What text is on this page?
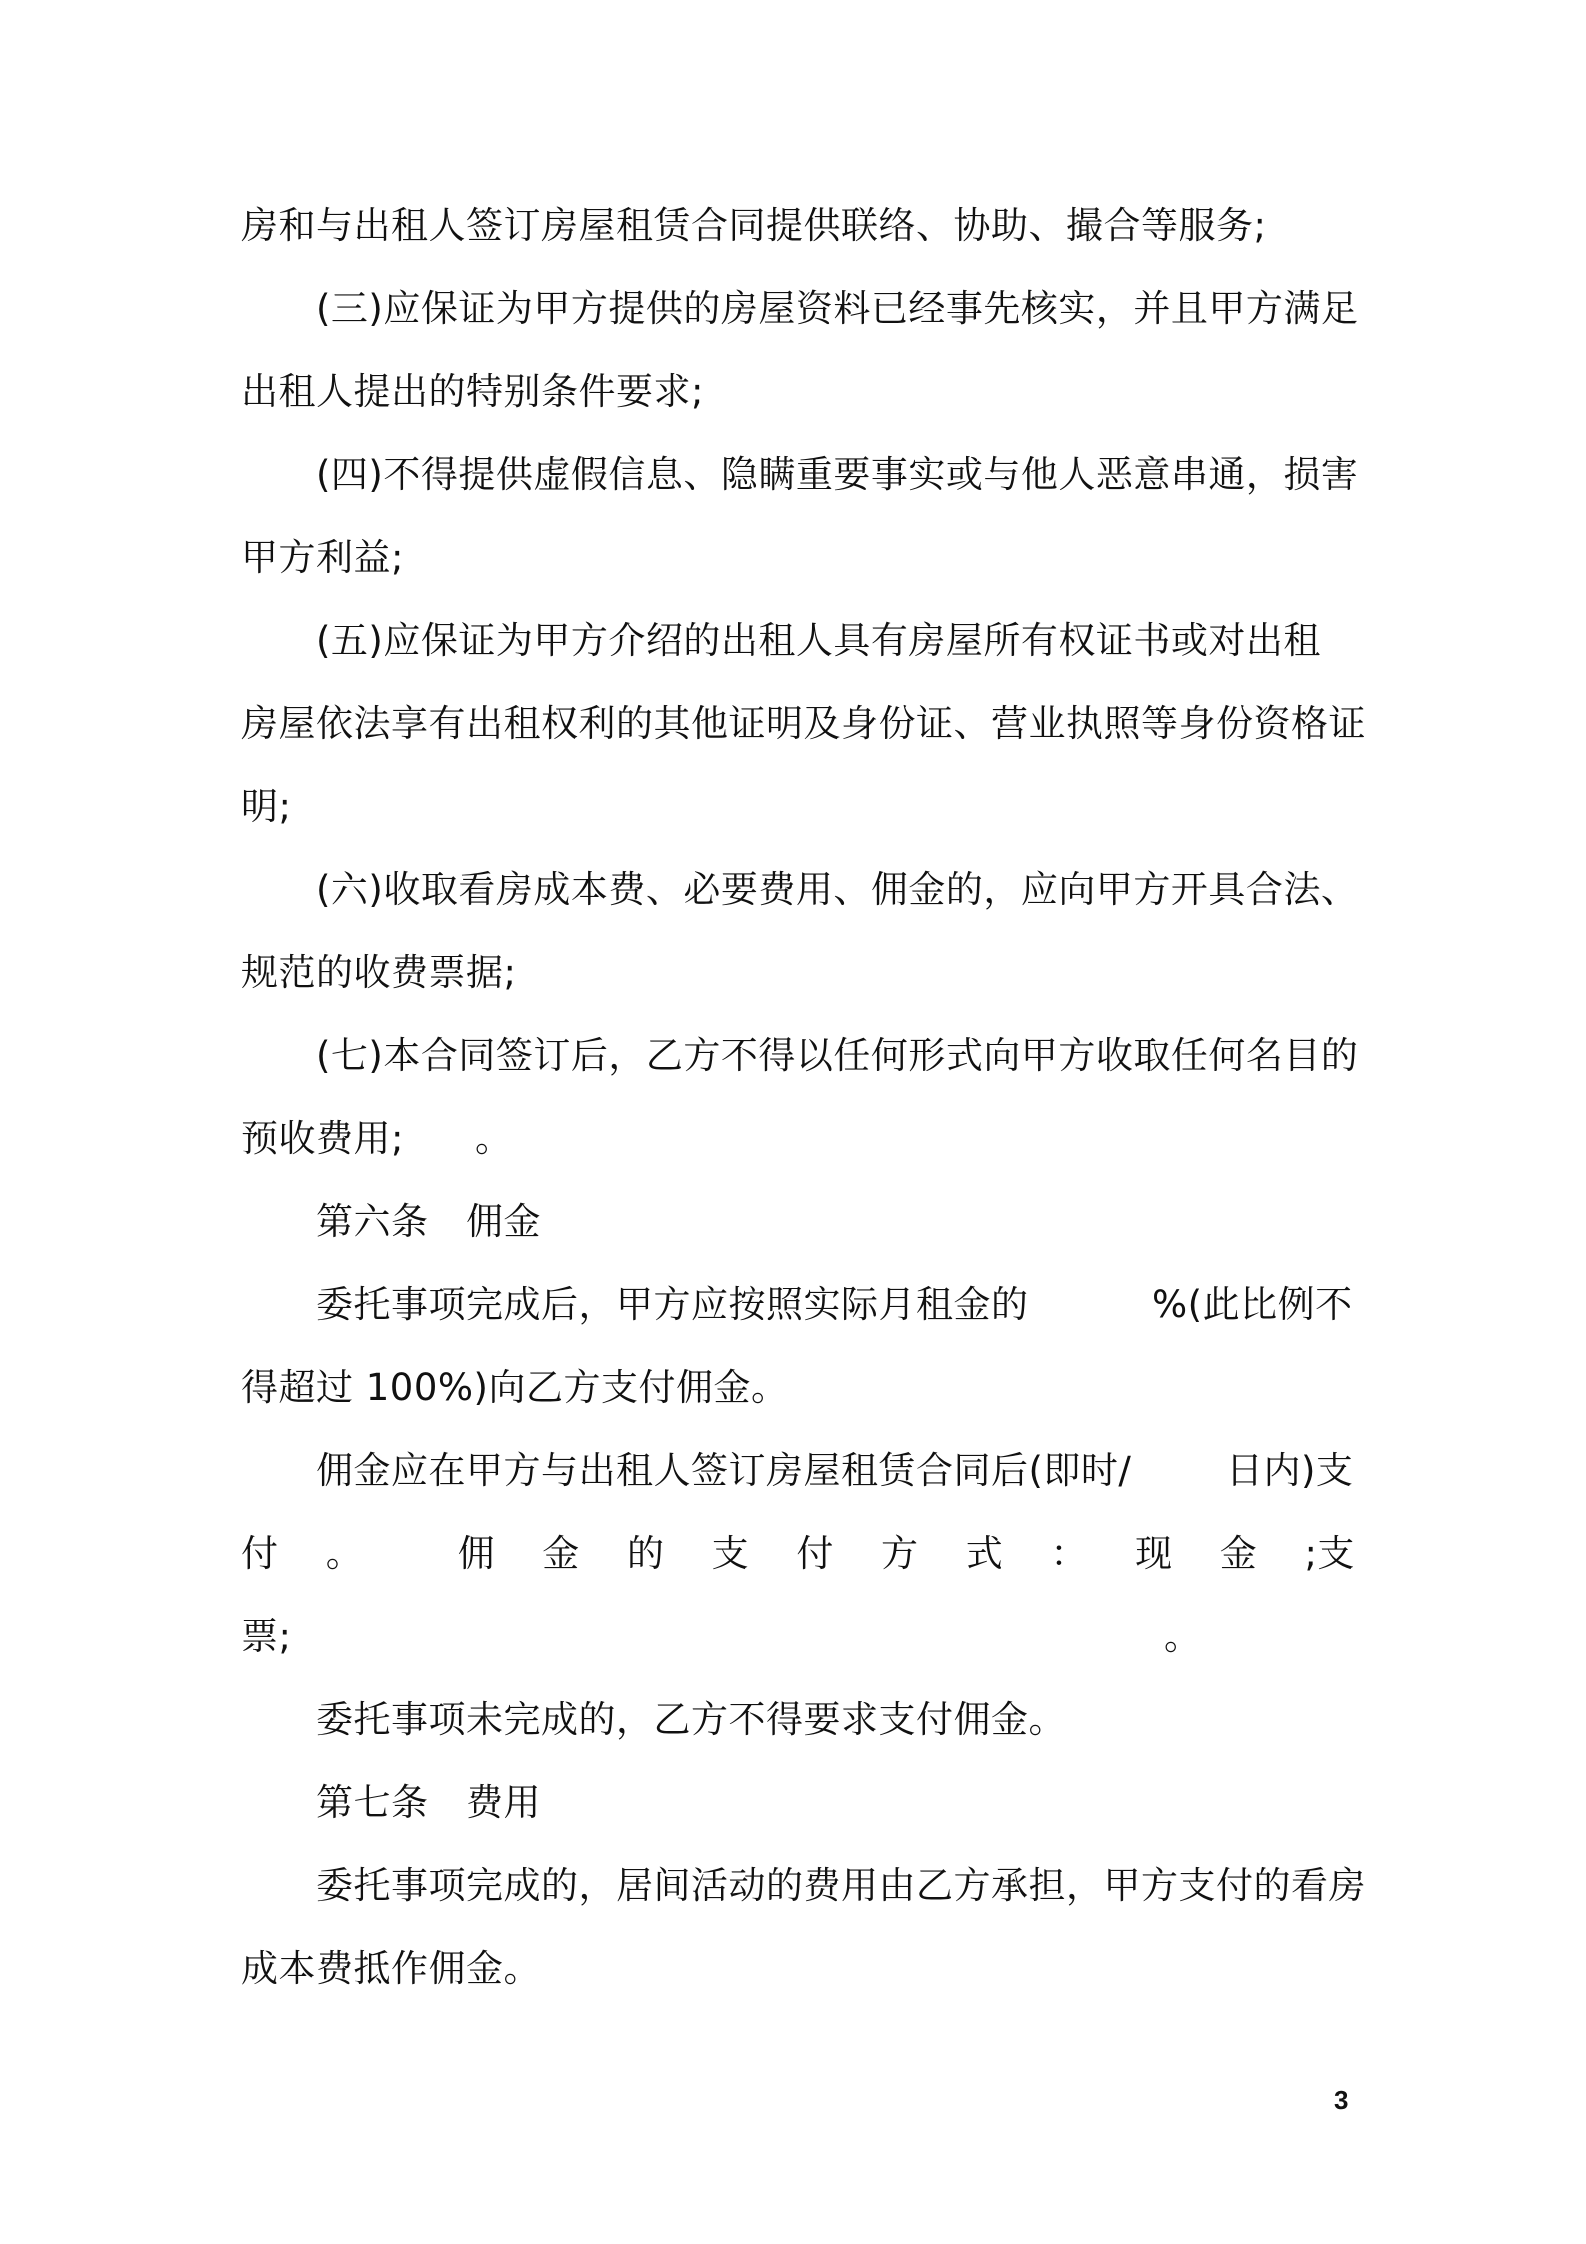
房和与出租人签订房屋租赁合同提供联络、协助、撮合等服务;
(三)应保证为甲方提供的房屋资料已经事先核实，并且甲方满足
出租人提出的特别条件要求;
(四)不得提供虚假信息、隐瞒重要事实或与他人恶意串通，损害
甲方利益;
(五)应保证为甲方介绍的出租人具有房屋所有权证书或对出租
房屋依法享有出租权利的其他证明及身份证、营业执照等身份资格证
明;
(六)收取看房成本费、必要费用、佣金的，应向甲方开具合法、
规范的收费票据;
(七)本合同签订后，乙方不得以任何形式向甲方收取任何名目的
预收费用;	。
第六条　佣金
委托事项完成后，甲方应按照实际月租金的	%(此比例不
得超过 100%)向乙方支付佣金。
佣金应在甲方与出租人签订房屋租赁合同后(即时/	日内)支
付 。	佣 金 的 支 付 方 式 ： 现 金 ;支
票;	。
委托事项未完成的，乙方不得要求支付佣金。
第七条　费用
委托事项完成的，居间活动的费用由乙方承担，甲方支付的看房
成本费抵作佣金。
3
